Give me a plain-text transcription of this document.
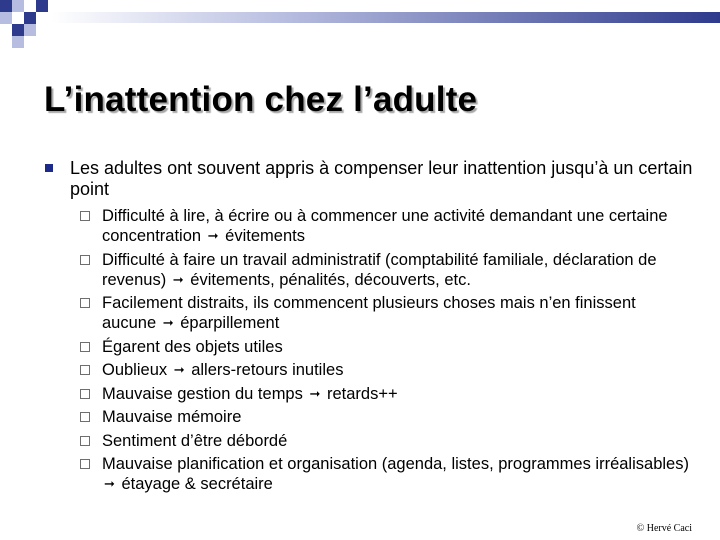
L’inattention chez l’adulte
Les adultes ont souvent appris à compenser leur inattention jusqu’à un certain point
Difficulté à lire, à écrire ou à commencer une activité demandant une certaine concentration ➞ évitements
Difficulté à faire un travail administratif (comptabilité familiale, déclaration de revenus) ➞ évitements, pénalités, découverts, etc.
Facilement distraits, ils commencent plusieurs choses mais n’en finissent aucune ➞ éparpillement
Égarent des objets utiles
Oublieux ➞ allers-retours inutiles
Mauvaise gestion du temps ➞ retards++
Mauvaise mémoire
Sentiment d’être débordé
Mauvaise planification et organisation (agenda, listes, programmes irréalisables) ➞ étayage & secrétaire
© Hervé Caci
